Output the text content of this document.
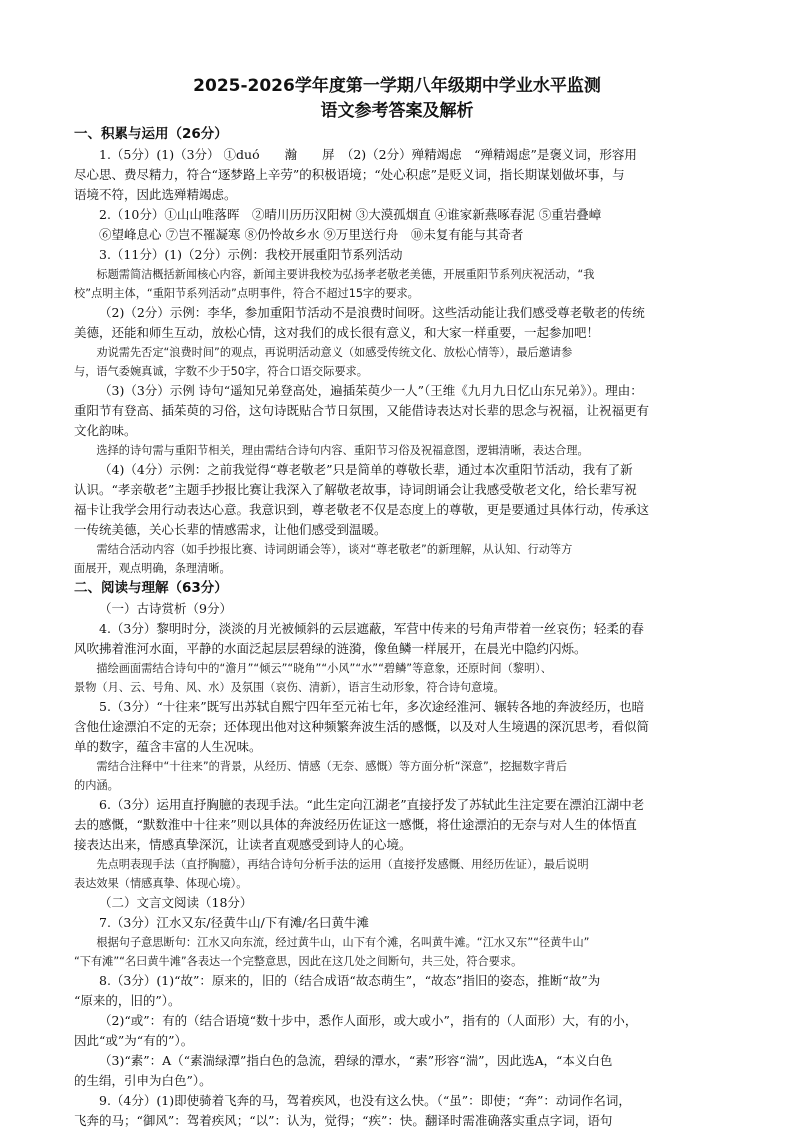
2025-2026学年度第一学期八年级期中学业水平监测
语文参考答案及解析
一、积累与运用（26分）

1.（5分）(1)（3分） ①duó　　瀚　　屏　（2)（2分）殚精竭虑　“殚精竭虑”是褒义词，形容用

尽心思、费尽精力，符合“逐梦路上辛劳”的积极语境；“处心积虑”是贬义词，指长期谋划做坏事，与

语境不符，因此选殚精竭虑。

2.（10分）①山山唯落晖　②晴川历历汉阳树 ③大漠孤烟直 ④谁家新燕啄春泥 ⑤重岩叠嶂

⑥望峰息心 ⑦岂不罹凝寒 ⑧仍怜故乡水 ⑨万里送行舟　⑩未复有能与其奇者

3.（11分）(1)（2分）示例：我校开展重阳节系列活动

标题需简洁概括新闻核心内容，新闻主要讲我校为弘扬孝老敬老美德，开展重阳节系列庆祝活动，“我

校”点明主体，“重阳节系列活动”点明事件，符合不超过15字的要求。

（2)（2分）示例：李华，参加重阳节活动不是浪费时间呀。这些活动能让我们感受尊老敬老的传统

美德，还能和师生互动，放松心情，这对我们的成长很有意义，和大家一样重要，一起参加吧！

劝说需先否定“浪费时间”的观点，再说明活动意义（如感受传统文化、放松心情等），最后邀请参

与，语气委婉真诚，字数不少于50字，符合口语交际要求。

（3)（3分）示例 诗句“遥知兄弟登高处，遍插茱萸少一人”（王维《九月九日忆山东兄弟》）。理由：

重阳节有登高、插茱萸的习俗，这句诗既贴合节日氛围，又能借诗表达对长辈的思念与祝福，让祝福更有

文化韵味。

选择的诗句需与重阳节相关，理由需结合诗句内容、重阳节习俗及祝福意图，逻辑清晰，表达合理。

（4)（4分）示例：之前我觉得“尊老敬老”只是简单的尊敬长辈，通过本次重阳节活动，我有了新

认识。“孝亲敬老”主题手抄报比赛让我深入了解敬老故事，诗词朗诵会让我感受敬老文化，给长辈写祝

福卡让我学会用行动表达心意。我意识到，尊老敬老不仅是态度上的尊敬，更是要通过具体行动，传承这

一传统美德，关心长辈的情感需求，让他们感受到温暖。

需结合活动内容（如手抄报比赛、诗词朗诵会等），谈对“尊老敬老”的新理解，从认知、行动等方

面展开，观点明确，条理清晰。

二、阅读与理解（63分）

（一）古诗赏析（9分）

4.（3分）黎明时分，淡淡的月光被倾斜的云层遮蔽，军营中传来的号角声带着一丝哀伤；轻柔的春

风吹拂着淮河水面，平静的水面泛起层层碧绿的涟漪，像鱼鳞一样展开，在晨光中隐约闪烁。

描绘画面需结合诗句中的“澹月”“倾云”“晓角”“小风”“水”“碧鳞”等意象，还原时间（黎明）、

景物（月、云、号角、风、水）及氛围（哀伤、清新），语言生动形象，符合诗句意境。

5.（3分）“十往来”既写出苏轼自熙宁四年至元祐七年，多次途经淮河、辗转各地的奔波经历，也暗

含他仕途漂泊不定的无奈；还体现出他对这种频繁奔波生活的感慨，以及对人生境遇的深沉思考，看似简

单的数字，蕴含丰富的人生况味。

需结合注释中“十往来”的背景，从经历、情感（无奈、感慨）等方面分析“深意”，挖掘数字背后

的内涵。

6.（3分）运用直抒胸臆的表现手法。“此生定向江湖老”直接抒发了苏轼此生注定要在漂泊江湖中老

去的感慨，“默数淮中十往来”则以具体的奔波经历佐证这一感慨，将仕途漂泊的无奈与对人生的体悟直

接表达出来，情感真挚深沉，让读者直观感受到诗人的心境。

先点明表现手法（直抒胸臆），再结合诗句分析手法的运用（直接抒发感慨、用经历佐证），最后说明

表达效果（情感真挚、体现心境）。

（二）文言文阅读（18分）

7.（3分）江水又东/径黄牛山/下有滩/名曰黄牛滩

根据句子意思断句：江水又向东流，经过黄牛山，山下有个滩，名叫黄牛滩。“江水又东”“径黄牛山”

“下有滩”“名曰黄牛滩”各表达一个完整意思，因此在这几处之间断句，共三处，符合要求。

8.（3分）(1)“故”：原来的，旧的（结合成语“故态萌生”，“故态”指旧的姿态，推断“故”为

“原来的，旧的”）。

（2)“或”：有的（结合语境“数十步中，悉作人面形，或大或小”，指有的（人面形）大，有的小，

因此“或”为“有的”）。

（3)“素”：A（“素湍绿潭”指白色的急流，碧绿的潭水，“素”形容“湍”，因此选A，“本义白色

的生绢，引申为白色”）。

9.（4分）(1)即使骑着飞奔的马，驾着疾风，也没有这么快。（“虽”：即使；“奔”：动词作名词，

飞奔的马；“御风”：驾着疾风；“以”：认为，觉得；“疾”：快。翻译时需准确落实重点字词，语句
